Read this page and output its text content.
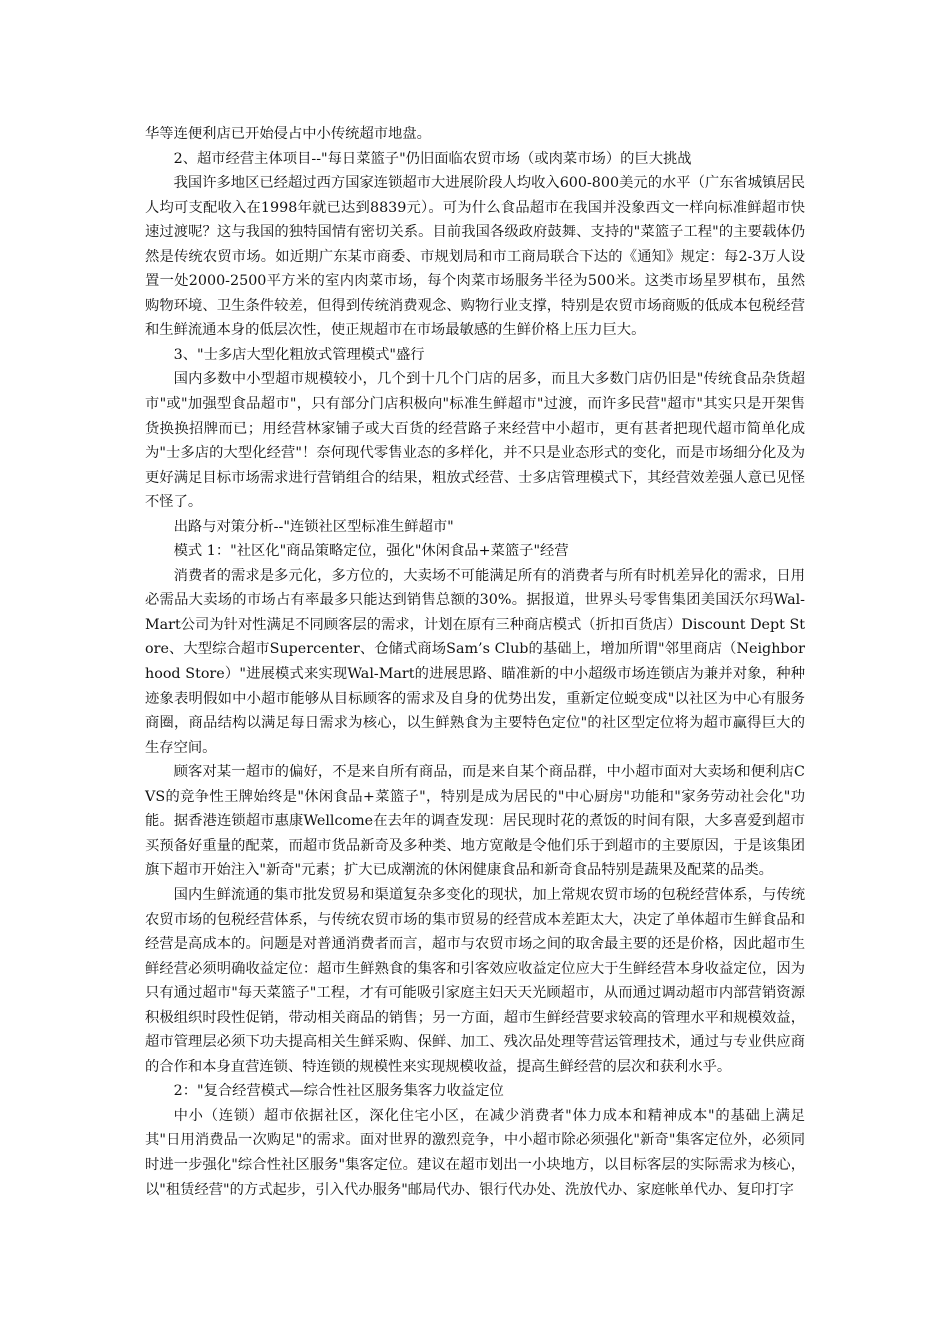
华等连便利店已开始侵占中小传统超市地盘。

2、超市经营主体项目--"每日菜篮子"仍旧面临农贸市场（或肉菜市场）的巨大挑战

我国许多地区已经超过西方国家连锁超市大进展阶段人均收入600-800美元的水平（广东省城镇居民人均可支配收入在1998年就已达到8839元）。可为什么食品超市在我国并没象西文一样向标准鲜超市快速过渡呢？这与我国的独特国情有密切关系。目前我国各级政府鼓舞、支持的"菜篮子工程"的主要载体仍然是传统农贸市场。如近期广东某市商委、市规划局和市工商局联合下达的《通知》规定：每2-3万人设置一处2000-2500平方米的室内肉菜市场，每个肉菜市场服务半径为500米。这类市场星罗棋布，虽然购物环境、卫生条件较差，但得到传统消费观念、购物行业支撑，特别是农贸市场商贩的低成本包税经营和生鲜流通本身的低层次性，使正规超市在市场最敏感的生鲜价格上压力巨大。

3、"士多店大型化粗放式管理模式"盛行

国内多数中小型超市规模较小，几个到十几个门店的居多，而且大多数门店仍旧是"传统食品杂货超市"或"加强型食品超市"，只有部分门店积极向"标准生鲜超市"过渡，而许多民营"超市"其实只是开架售货换换招牌而已；用经营林家铺子或大百货的经营路子来经营中小超市，更有甚者把现代超市简单化成为"士多店的大型化经营"！奈何现代零售业态的多样化，并不只是业态形式的变化，而是市场细分化及为更好满足目标市场需求进行营销组合的结果，粗放式经营、士多店管理模式下，其经营效差强人意已见怪不怪了。

出路与对策分析--"连锁社区型标准生鲜超市"

模式 1："社区化"商品策略定位，强化"休闲食品+菜篮子"经营

消费者的需求是多元化，多方位的，大卖场不可能满足所有的消费者与所有时机差异化的需求，日用必需品大卖场的市场占有率最多只能达到销售总额的30%。据报道，世界头号零售集团美国沃尔玛Wal-Mart公司为针对性满足不同顾客层的需求，计划在原有三种商店模式（折扣百货店）Discount Dept Store、大型综合超市Supercenter、仓储式商场Sam’s Club的基础上，增加所谓"邻里商店（Neighborhood Store）"进展模式来实现Wal-Mart的进展思路、瞄准新的中小超级市场连锁店为兼并对象，种种迹象表明假如中小超市能够从目标顾客的需求及自身的优势出发，重新定位蜕变成"以社区为中心有服务商圈，商品结构以满足每日需求为核心，以生鲜熟食为主要特色定位"的社区型定位将为超市赢得巨大的生存空间。

顾客对某一超市的偏好，不是来自所有商品，而是来自某个商品群，中小超市面对大卖场和便利店CVS的竞争性王牌始终是"休闲食品+菜篮子"，特别是成为居民的"中心厨房"功能和"家务劳动社会化"功能。据香港连锁超市惠康Wellcome在去年的调查发现：居民现时花的煮饭的时间有限，大多喜爱到超市买预备好重量的配菜，而超市货品新奇及多种类、地方宽敞是令他们乐于到超市的主要原因，于是该集团旗下超市开始注入"新奇"元素；扩大已成潮流的休闲健康食品和新奇食品特别是蔬果及配菜的品类。

国内生鲜流通的集市批发贸易和渠道复杂多变化的现状，加上常规农贸市场的包税经营体系，与传统农贸市场的包税经营体系，与传统农贸市场的集市贸易的经营成本差距太大，决定了单体超市生鲜食品和经营是高成本的。问题是对普通消费者而言，超市与农贸市场之间的取舍最主要的还是价格，因此超市生鲜经营必须明确收益定位：超市生鲜熟食的集客和引客效应收益定位应大于生鲜经营本身收益定位，因为只有通过超市"每天菜篮子"工程，才有可能吸引家庭主妇天天光顾超市，从而通过调动超市内部营销资源积极组织时段性促销，带动相关商品的销售；另一方面，超市生鲜经营要求较高的管理水平和规模效益，超市管理层必须下功夫提高相关生鲜采购、保鲜、加工、残次品处理等营运管理技术，通过与专业供应商的合作和本身直营连锁、特连锁的规模性来实现规模收益，提高生鲜经营的层次和获利水乎。

2："复合经营模式—综合性社区服务集客力收益定位

中小（连锁）超市依据社区，深化住宅小区，在减少消费者"体力成本和精神成本"的基础上满足其"日用消费品一次购足"的需求。面对世界的激烈竞争，中小超市除必须强化"新奇"集客定位外，必须同时进一步强化"综合性社区服务"集客定位。建议在超市划出一小块地方，以目标客层的实际需求为核心，以"租赁经营"的方式起步，引入代办服务"邮局代办、银行代办处、洗放代办、家庭帐单代办、复印打字
